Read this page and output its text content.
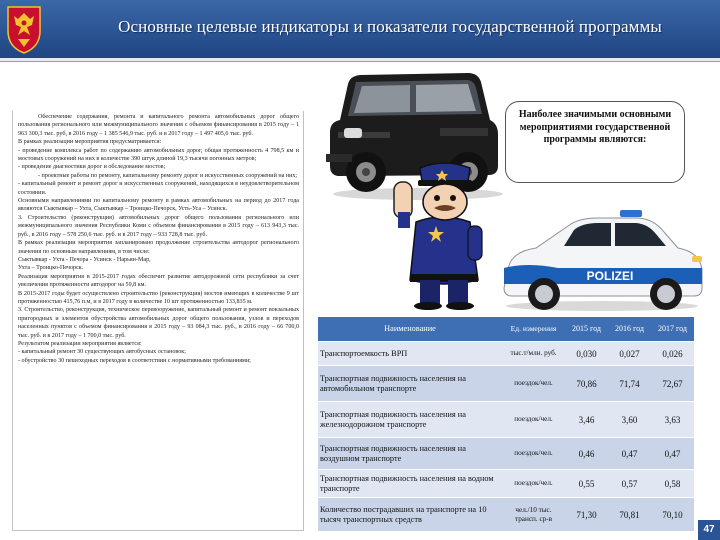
Основные целевые индикаторы и показатели государственной программы

Обеспечение содержания, ремонта и капитального ремонта автомобильных дорог общего пользования регионального или межмуниципального значения с объемом финансирования в 2015 году – 1 963 300,3 тыс. руб, в 2016 году – 1 385 546,9 тыс. руб. и в 2017 году – 1 497 405,6 тыс. руб.

В рамках реализации мероприятия предусматривается:

- проведение комплекса работ по содержанию автомобильных дорог, общая протяженность 4 798,5 км и мостовых сооружений на них в количестве 390 штук длиной 19,3 тысячи погонных метров;

- проведение диагностики дорог и обследование мостов;

- проектные работы по ремонту, капитальному ремонту дорог и искусственных сооружений на них;

- капитальный ремонт и ремонт дорог и искусственных сооружений, находящихся в неудовлетворительном состоянии.

Основными направлениями по капитальному ремонту в рамках автомобильных на период до 2017 года являются Сыктывкар – Ухта, Сыктывкар – Троицко-Печорск, Усть-Уса – Усинск.

3. Строительство (реконструкция) автомобильных дорог общего пользования регионального или межмуниципального значения Республики Коми с объемом финансирования в 2015 году – 613 943,3 тыс. руб., в 2016 году – 578 250,6 тыс. руб. и в 2017 году – 933 728,8 тыс. руб.

В рамках реализации мероприятия запланировано продолжение строительства автодорог регионального значения по основным направлениям, в том числе:

Сыктывкар - Ухта - Печора - Усинск - Нарьян-Мар,

Ухта – Троицко-Печорск.

Реализация мероприятия в 2015-2017 годах обеспечит развитие автодорожной сети республики за счет увеличения протяженности автодорог на 59,8 км.

В 2015-2017 годы будет осуществлено строительство (реконструкция) мостов имеющих в количестве 9 шт протяженностью 415,76 п.м, и в 2017 году в количестве 10 шт протяженностью 133,835 м.

3. Строительство, реконструкция, техническое перевооружение, капитальный ремонт и ремонт вокзальных пригородных и элементов обустройства автомобильных дорог общего пользования, узлов и переходов населенных пунктов с объемом финансирования в 2015 году – 93 084,3 тыс. руб., в 2016 году – 66 700,0 тыс. руб. и в 2017 году – 1 700,0 тыс. руб.

Результатом реализации мероприятия является:

- капитальный ремонт 30 существующих автобусных остановок;

- обустройство 30 пешеходных переходов в соответствии с нормативными требованиями;

POLIZEI
Наиболее значимыми основными мероприятиями государственной программы являются:
Наименование	Ед. измерения	2015 год	2016 год	2017 год
Транспортоемкость ВРП	тыс.т/млн. руб.	0,030	0,027	0,026
Транспортная подвижность населения на автомобильном транспорте	поездок/чел.	70,86	71,74	72,67
Транспортная подвижность населения на железнодорожном транспорте	поездок/чел.	3,46	3,60	3,63
Транспортная подвижность населения на воздушном транспорте	поездок/чел.	0,46	0,47	0,47
Транспортная подвижность населения на водном транспорте	поездок/чел.	0,55	0,57	0,58
Количество пострадавших на транспорте на 10 тысяч транспортных средств	чел./10 тыс. трансп. ср-в	71,30	70,81	70,10
47
